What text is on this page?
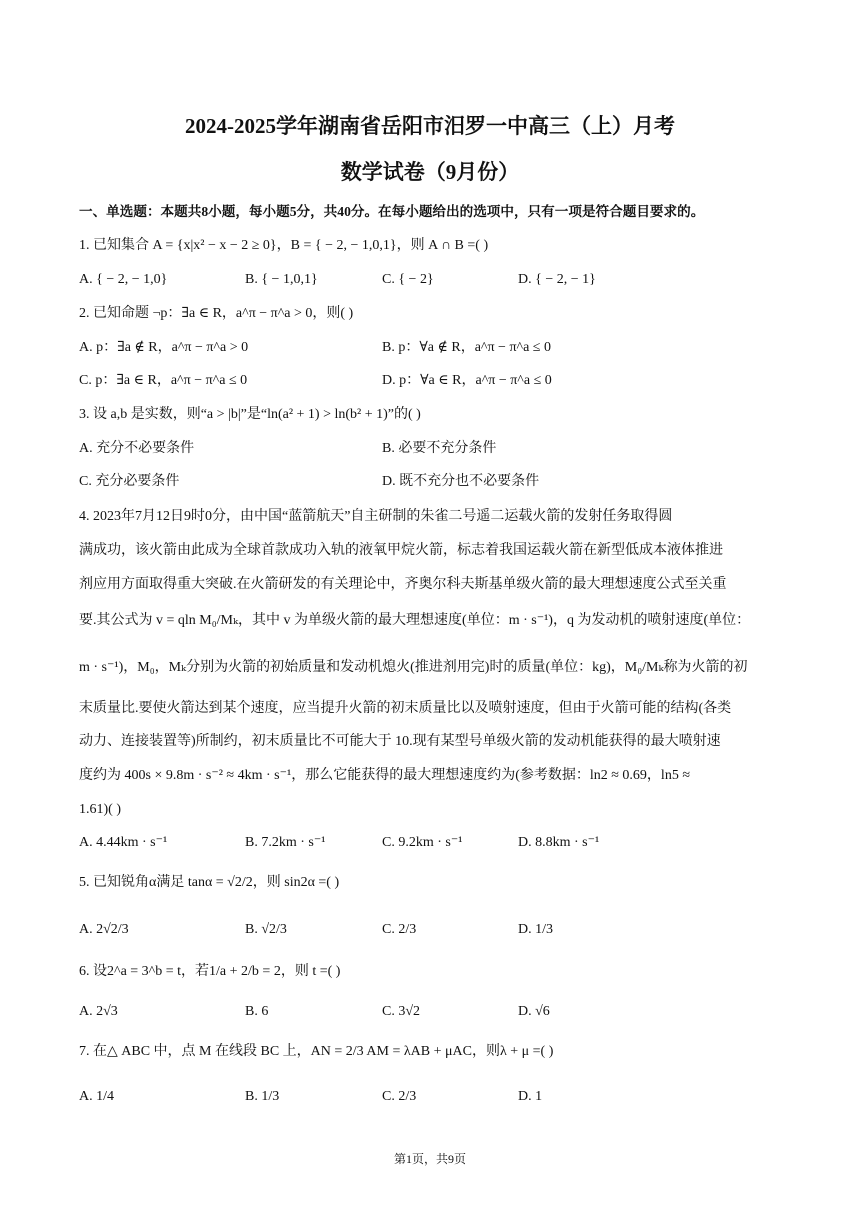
2024-2025学年湖南省岳阳市汨罗一中高三（上）月考
数学试卷（9月份）
一、单选题：本题共8小题，每小题5分，共40分。在每小题给出的选项中，只有一项是符合题目要求的。
1. 已知集合 A = {x|x² − x − 2 ≥ 0}，B = { − 2, − 1,0,1}，则 A ∩ B =( )
A. { − 2, − 1,0}	B. { − 1,0,1}	C. { − 2}	D. { − 2, − 1}
2. 已知命题 ¬p：∃a ∈ R，a^π − π^a > 0，则( )
A. p：∃a ∉ R，a^π − π^a > 0	B. p：∀a ∉ R，a^π − π^a ≤ 0
C. p：∃a ∈ R，a^π − π^a ≤ 0	D. p：∀a ∈ R，a^π − π^a ≤ 0
3. 设 a,b 是实数，则“a > |b|”是“ln(a² + 1) > ln(b² + 1)”的( )
A. 充分不必要条件	B. 必要不充分条件
C. 充分必要条件	D. 既不充分也不必要条件
4. 2023年7月12日9时0分，由中国“蓝箭航天”自主研制的朱雀二号遥二运载火箭的发射任务取得圆
满成功，该火箭由此成为全球首款成功入轨的液氧甲烷火箭，标志着我国运载火箭在新型低成本液体推进
剂应用方面取得重大突破.在火箭研发的有关理论中，齐奥尔科夫斯基单级火箭的最大理想速度公式至关重
要.其公式为 v = qln M₀/Mₖ，其中 v 为单级火箭的最大理想速度(单位：m · s⁻¹)，q 为发动机的喷射速度(单位：
m · s⁻¹)，M₀，Mₖ分别为火箭的初始质量和发动机熄火(推进剂用完)时的质量(单位：kg)，M₀/Mₖ称为火箭的初
末质量比.要使火箭达到某个速度，应当提升火箭的初末质量比以及喷射速度，但由于火箭可能的结构(各类
动力、连接装置等)所制约，初末质量比不可能大于 10.现有某型号单级火箭的发动机能获得的最大喷射速
度约为 400s × 9.8m · s⁻² ≈ 4km · s⁻¹，那么它能获得的最大理想速度约为(参考数据：ln2 ≈ 0.69，ln5 ≈
1.61)( )
A. 4.44km · s⁻¹	B. 7.2km · s⁻¹	C. 9.2km · s⁻¹	D. 8.8km · s⁻¹
5. 已知锐角α满足 tanα = √2/2，则 sin2α =( )
A. 2√2/3	B. √2/3	C. 2/3	D. 1/3
6. 设2^a = 3^b = t，若1/a + 2/b = 2，则 t =( )
A. 2√3	B. 6	C. 3√2	D. √6
7. 在△ ABC 中，点 M 在线段 BC 上，AN = 2/3 AM = λAB + μAC，则λ + μ =( )
A. 1/4	B. 1/3	C. 2/3	D. 1
第1页，共9页
